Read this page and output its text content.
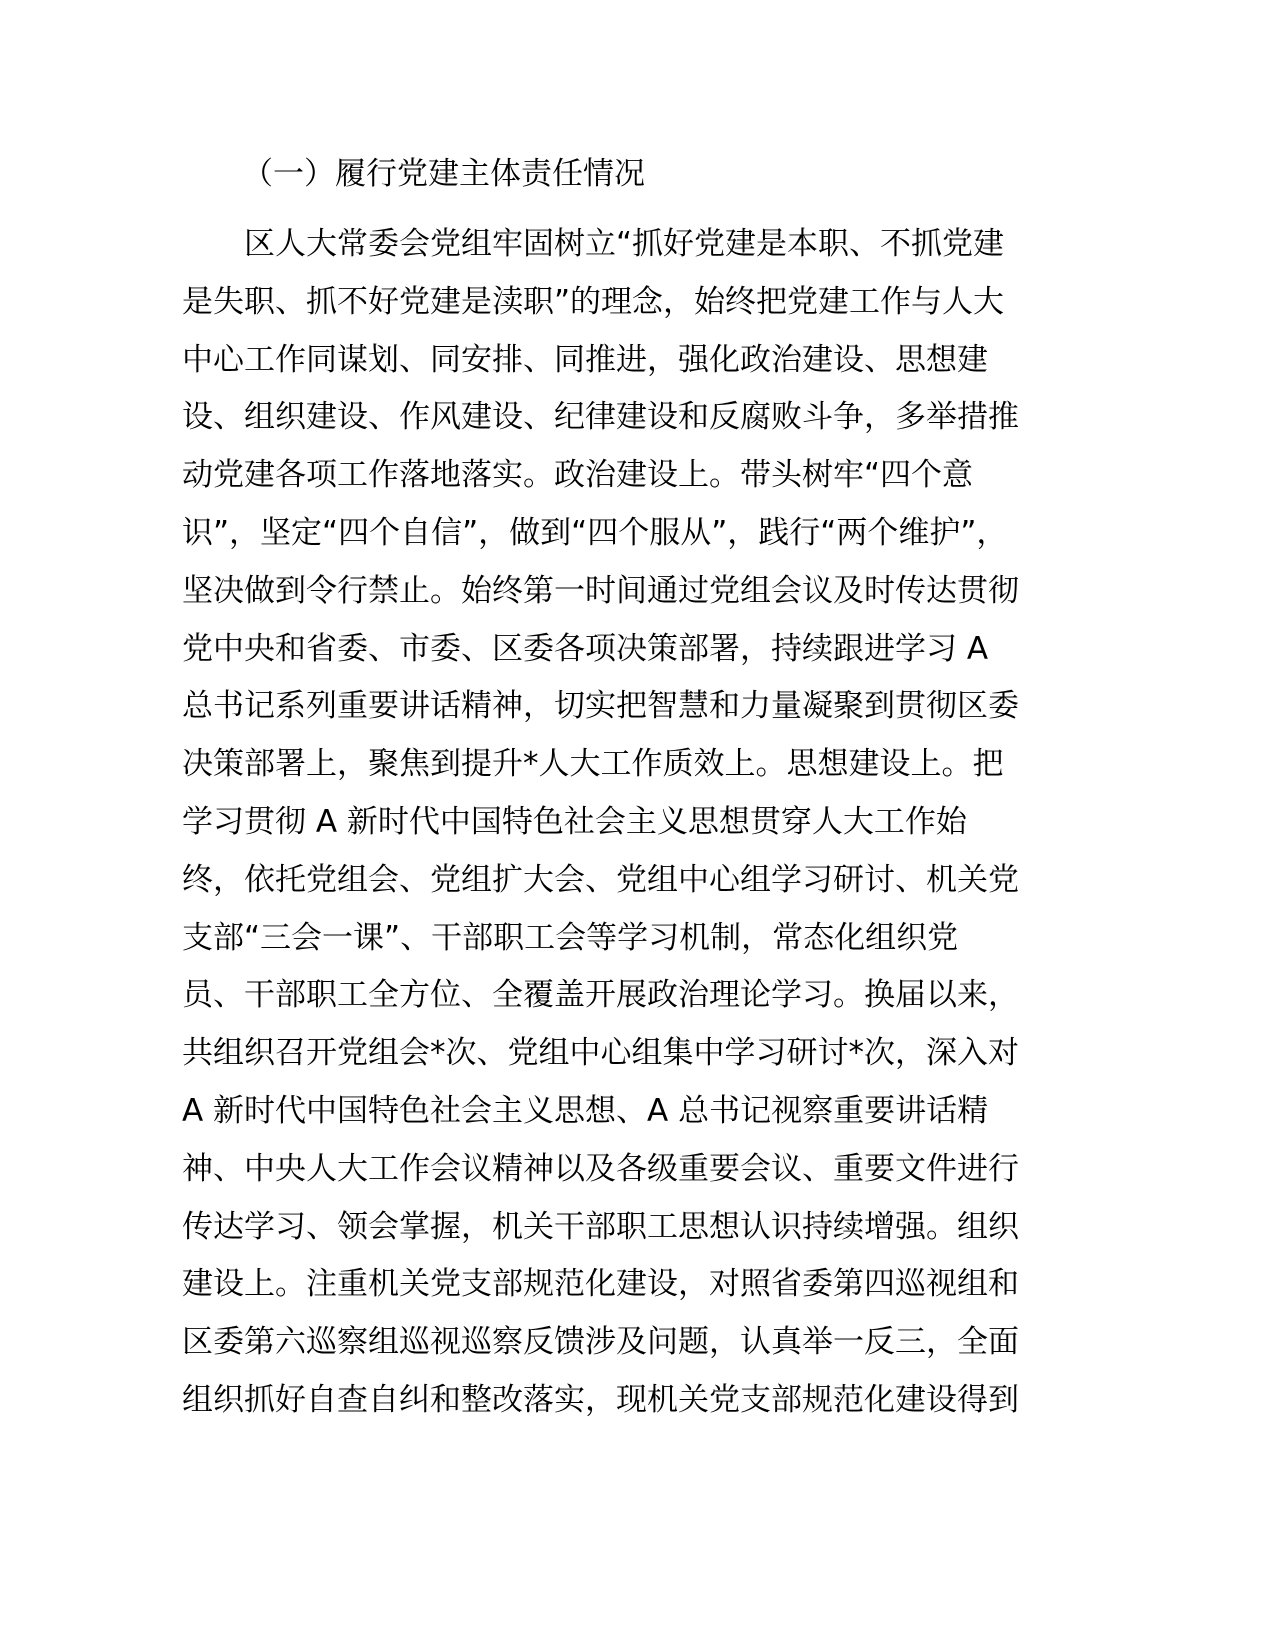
（一）履行党建主体责任情况
区人大常委会党组牢固树立“抓好党建是本职、不抓党建
是失职、抓不好党建是渎职”的理念，始终把党建工作与人大
中心工作同谋划、同安排、同推进，强化政治建设、思想建
设、组织建设、作风建设、纪律建设和反腐败斗争，多举措推
动党建各项工作落地落实。政治建设上。带头树牢“四个意
识”，坚定“四个自信”，做到“四个服从”，践行“两个维护”，
坚决做到令行禁止。始终第一时间通过党组会议及时传达贯彻
党中央和省委、市委、区委各项决策部署，持续跟进学习 A
总书记系列重要讲话精神，切实把智慧和力量凝聚到贯彻区委
决策部署上，聚焦到提升*人大工作质效上。思想建设上。把
学习贯彻 A 新时代中国特色社会主义思想贯穿人大工作始
终，依托党组会、党组扩大会、党组中心组学习研讨、机关党
支部“三会一课”、干部职工会等学习机制，常态化组织党
员、干部职工全方位、全覆盖开展政治理论学习。换届以来，
共组织召开党组会*次、党组中心组集中学习研讨*次，深入对
A 新时代中国特色社会主义思想、A 总书记视察重要讲话精
神、中央人大工作会议精神以及各级重要会议、重要文件进行
传达学习、领会掌握，机关干部职工思想认识持续增强。组织
建设上。注重机关党支部规范化建设，对照省委第四巡视组和
区委第六巡察组巡视巡察反馈涉及问题，认真举一反三，全面
组织抓好自查自纠和整改落实，现机关党支部规范化建设得到
